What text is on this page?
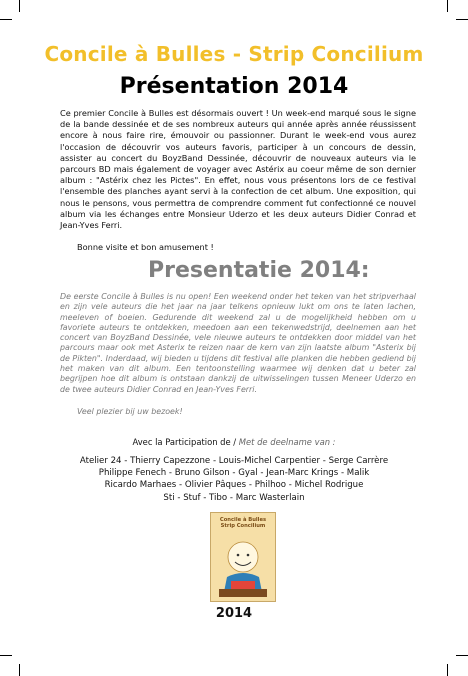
Concile à Bulles - Strip Concilium
Présentation 2014

Ce premier Concile à Bulles est désormais ouvert ! Un week-end marqué sous le signe de la bande dessinée et de ses nombreux auteurs qui année après année réussissent encore à nous faire rire, émouvoir ou passionner. Durant le week-end vous aurez l'occasion de découvrir vos auteurs favoris, participer à un concours de dessin, assister au concert du BoyzBand Dessinée, découvrir de nouveaux auteurs via le parcours BD mais également de voyager avec Astérix au coeur même de son dernier album : "Astérix chez les Pictes". En effet, nous vous présentons lors de ce festival l'ensemble des planches ayant servi à la confection de cet album. Une exposition, qui nous le pensons, vous permettra de comprendre comment fut confectionné ce nouvel album via les échanges entre Monsieur Uderzo et les deux auteurs Didier Conrad et Jean-Yves Ferri.

Bonne visite et bon amusement !
Presentatie 2014:

De eerste Concile à Bulles is nu open! Een weekend onder het teken van het stripverhaal en zijn vele auteurs die het jaar na jaar telkens opnieuw lukt om ons te laten lachen, meeleven of boeien. Gedurende dit weekend zal u de mogelijkheid hebben om u favoriete auteurs te ontdekken, meedoen aan een tekenwedstrijd, deelnemen aan het concert van BoyzBand Dessinée, vele nieuwe auteurs te ontdekken door middel van het parcours maar ook met Asterix te reizen naar de kern van zijn laatste album "Asterix bij de Pikten". Inderdaad, wij bieden u tijdens dit festival alle planken die hebben gediend bij het maken van dit album. Een tentoonstelling waarmee wij denken dat u beter zal begrijpen hoe dit album is ontstaan dankzij de uitwisselingen tussen Meneer Uderzo en de twee auteurs Didier Conrad en Jean-Yves Ferri.

Veel plezier bij uw bezoek!
Avec la Participation de / Met de deelname van :
Atelier 24 - Thierry Capezzone - Louis-Michel Carpentier - Serge Carrère
Philippe Fenech - Bruno Gilson - Gyal - Jean-Marc Krings - Malik
Ricardo Marhaes - Olivier Pâques - Philhoo - Michel Rodrigue
Sti - Stuf - Tibo - Marc Wasterlain
Concile à Bulles
Strip Concilium
2014
